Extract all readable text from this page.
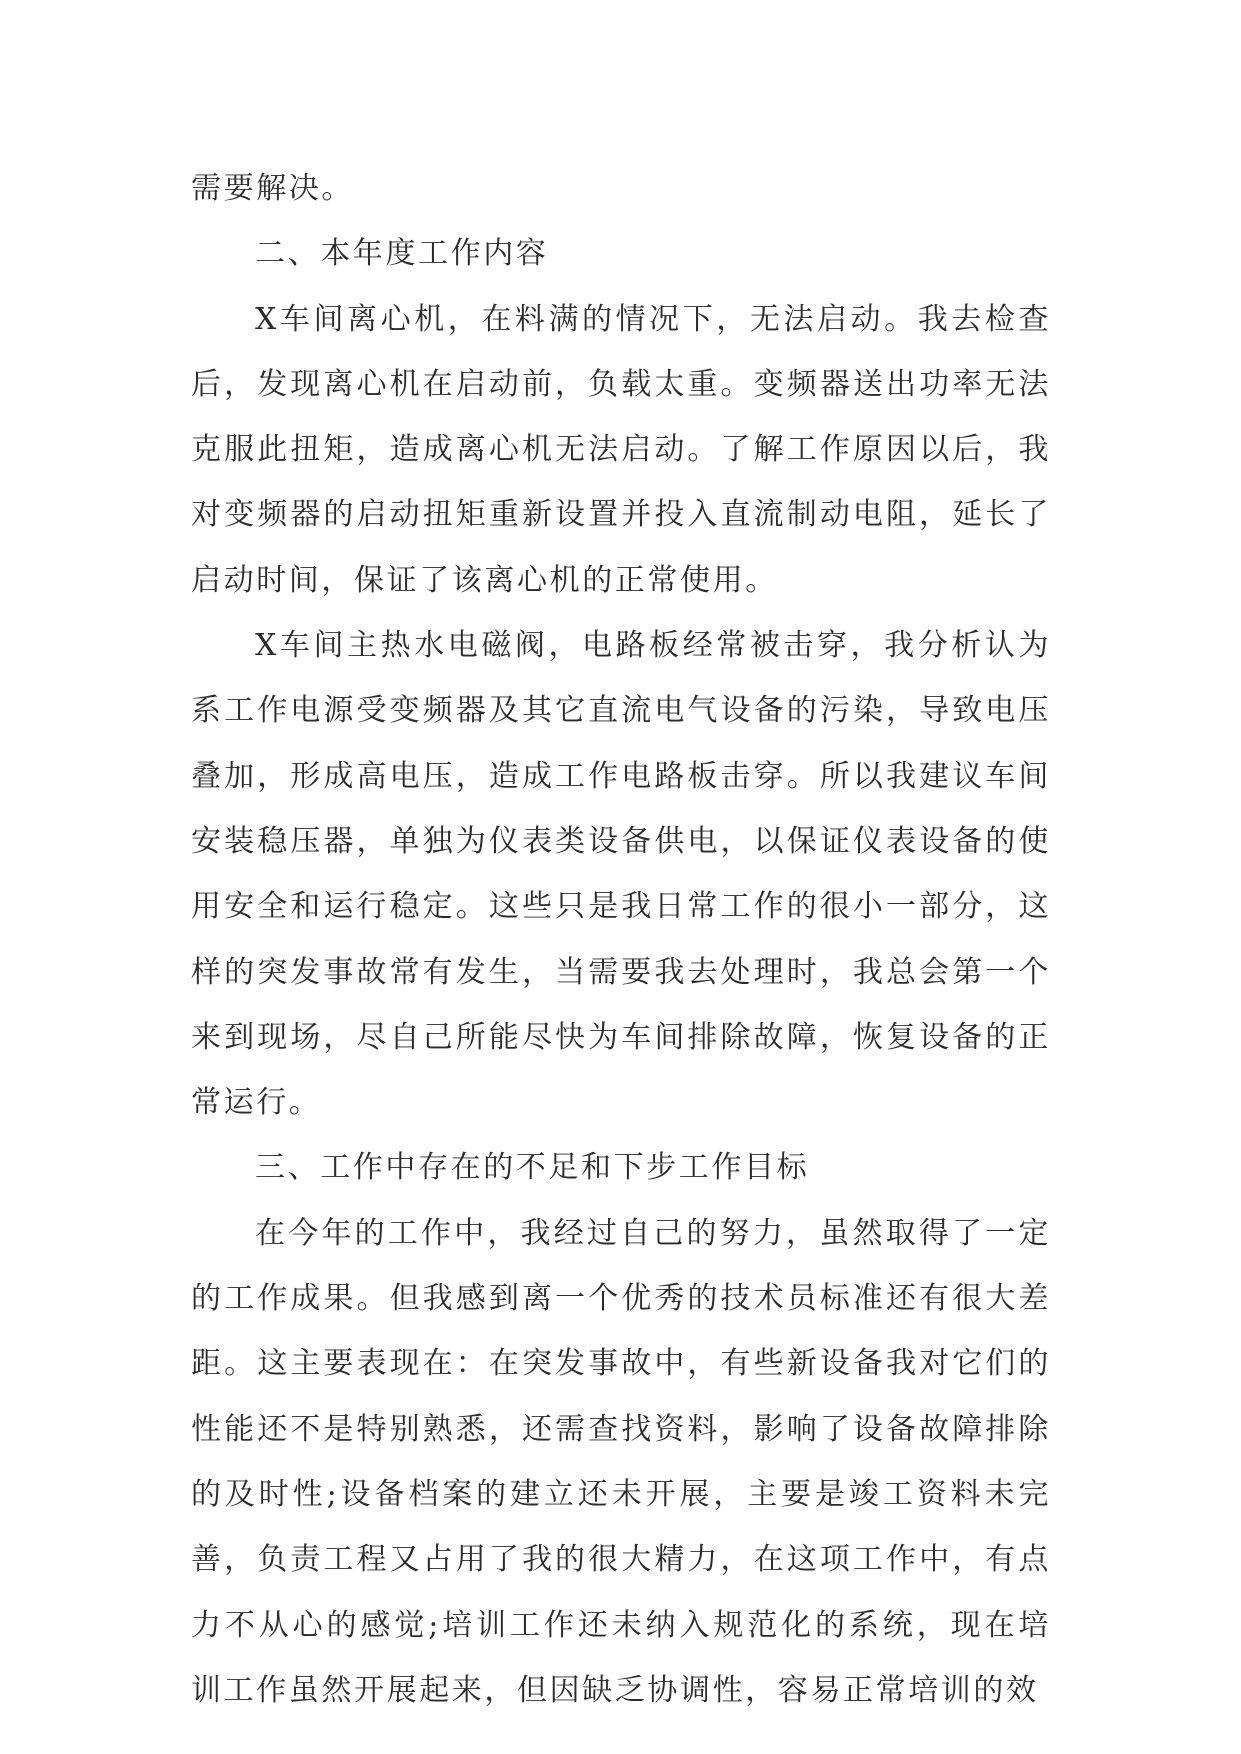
需要解决。

二、本年度工作内容

X车间离心机，在料满的情况下，无法启动。我去检查后，发现离心机在启动前，负载太重。变频器送出功率无法克服此扭矩，造成离心机无法启动。了解工作原因以后，我对变频器的启动扭矩重新设置并投入直流制动电阻，延长了启动时间，保证了该离心机的正常使用。

X车间主热水电磁阀，电路板经常被击穿，我分析认为系工作电源受变频器及其它直流电气设备的污染，导致电压叠加，形成高电压，造成工作电路板击穿。所以我建议车间安装稳压器，单独为仪表类设备供电，以保证仪表设备的使用安全和运行稳定。这些只是我日常工作的很小一部分，这样的突发事故常有发生，当需要我去处理时，我总会第一个来到现场，尽自己所能尽快为车间排除故障，恢复设备的正常运行。

三、工作中存在的不足和下步工作目标

在今年的工作中，我经过自己的努力，虽然取得了一定的工作成果。但我感到离一个优秀的技术员标准还有很大差距。这主要表现在：在突发事故中，有些新设备我对它们的性能还不是特别熟悉，还需查找资料，影响了设备故障排除的及时性;设备档案的建立还未开展，主要是竣工资料未完善，负责工程又占用了我的很大精力，在这项工作中，有点力不从心的感觉;培训工作还未纳入规范化的系统，现在培训工作虽然开展起来，但因缺乏协调性，容易正常培训的效
